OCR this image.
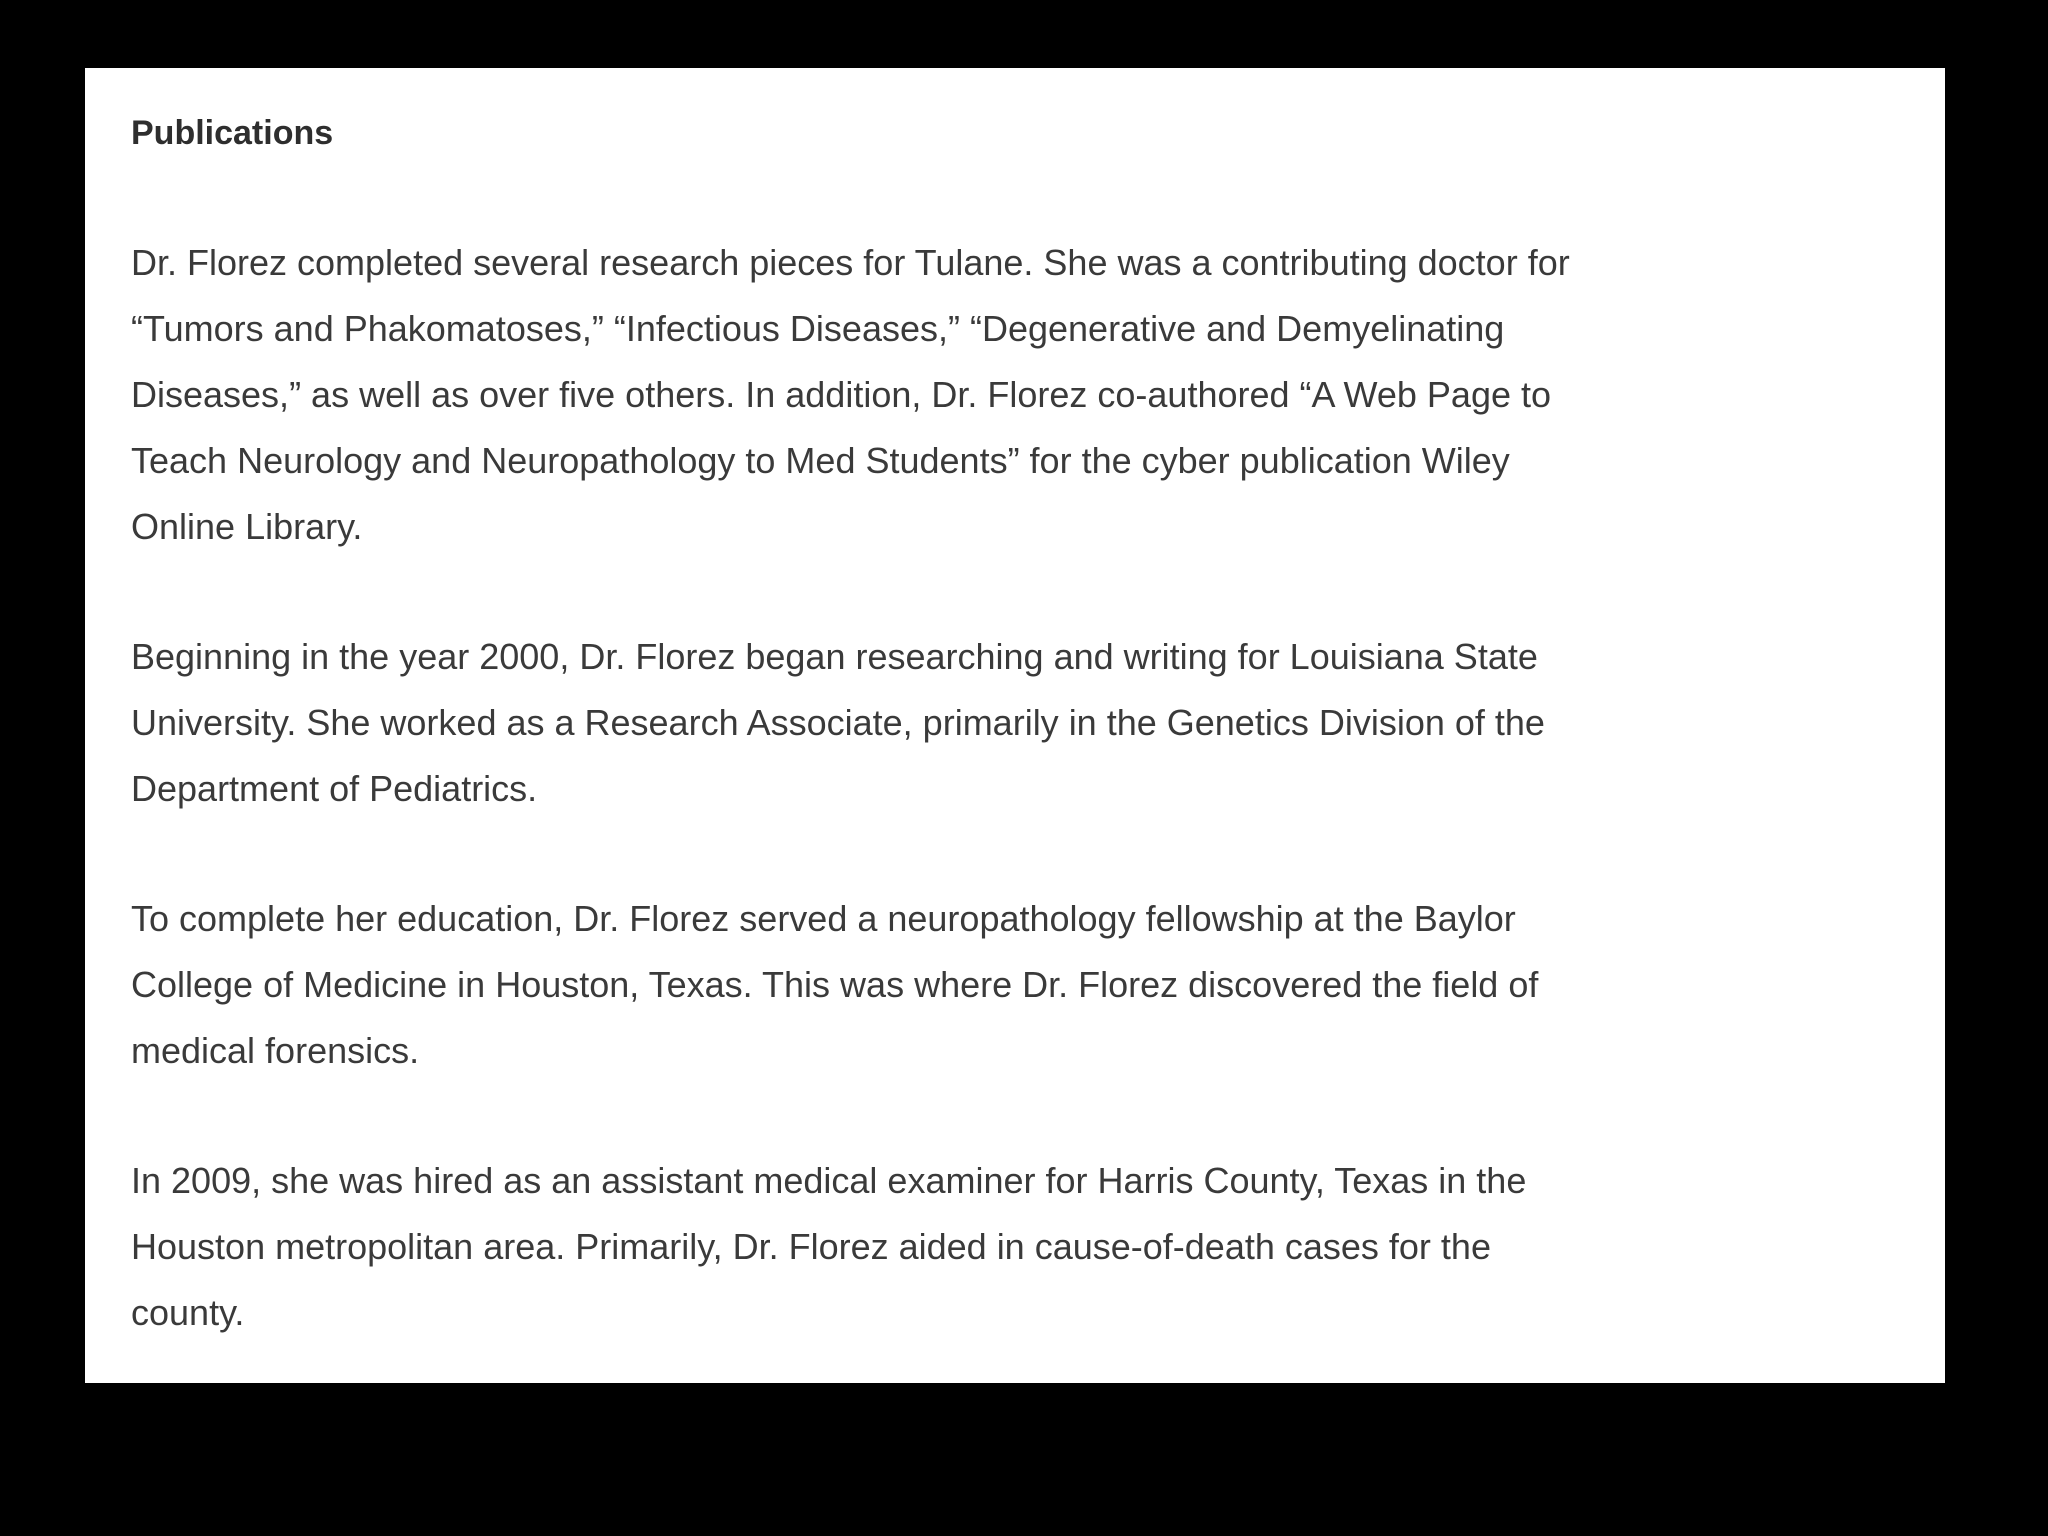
Publications

Dr. Florez completed several research pieces for Tulane. She was a contributing doctor for
“Tumors and Phakomatoses,” “Infectious Diseases,” “Degenerative and Demyelinating
Diseases,” as well as over five others. In addition, Dr. Florez co-authored “A Web Page to
Teach Neurology and Neuropathology to Med Students” for the cyber publication Wiley
Online Library.

Beginning in the year 2000, Dr. Florez began researching and writing for Louisiana State
University. She worked as a Research Associate, primarily in the Genetics Division of the
Department of Pediatrics.

To complete her education, Dr. Florez served a neuropathology fellowship at the Baylor
College of Medicine in Houston, Texas. This was where Dr. Florez discovered the field of
medical forensics.

In 2009, she was hired as an assistant medical examiner for Harris County, Texas in the
Houston metropolitan area. Primarily, Dr. Florez aided in cause-of-death cases for the
county.
